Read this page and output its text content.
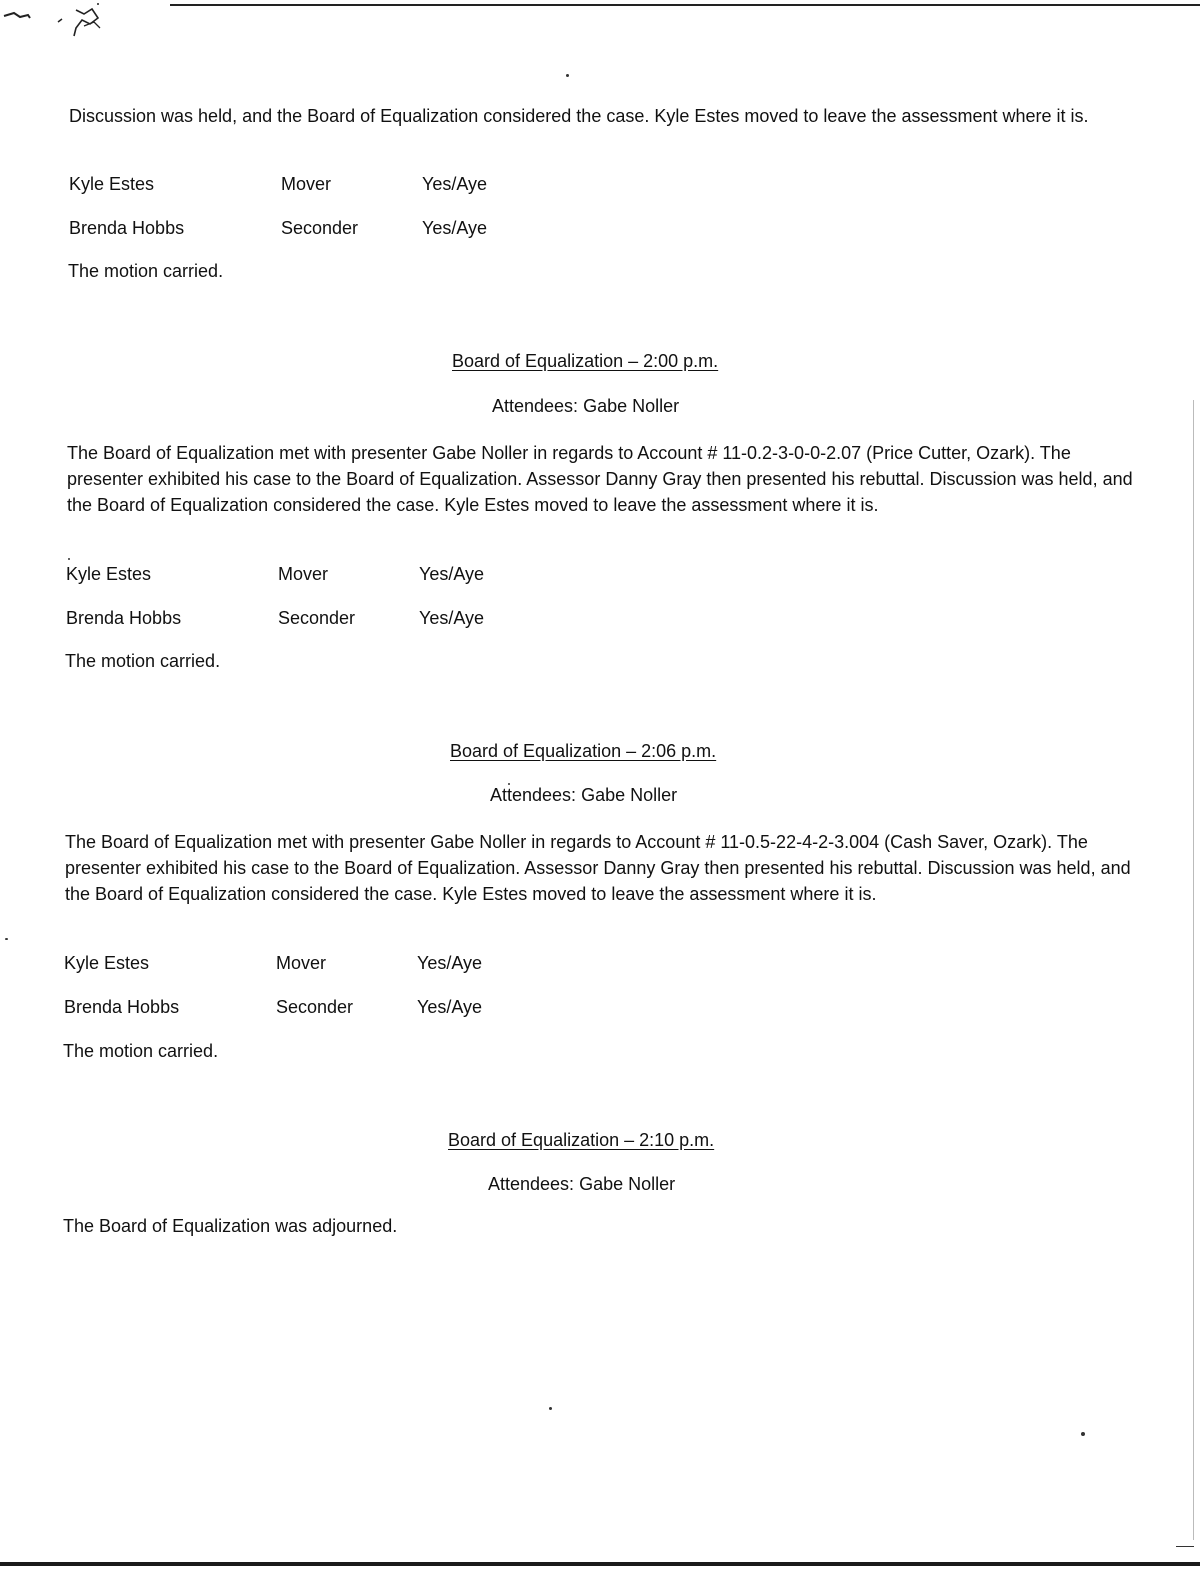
Discussion was held, and the Board of Equalization considered the case. Kyle Estes moved to leave the assessment where it is.

Kyle Estes	Mover	Yes/Aye
Brenda Hobbs	Seconder	Yes/Aye
The motion carried.
Board of Equalization – 2:00 p.m.
Attendees: Gabe Noller

The Board of Equalization met with presenter Gabe Noller in regards to Account # 11-0.2-3-0-0-2.07 (Price Cutter, Ozark). The presenter exhibited his case to the Board of Equalization. Assessor Danny Gray then presented his rebuttal. Discussion was held, and the Board of Equalization considered the case. Kyle Estes moved to leave the assessment where it is.

Kyle Estes	Mover	Yes/Aye
Brenda Hobbs	Seconder	Yes/Aye
The motion carried.
Board of Equalization – 2:06 p.m.
Attendees: Gabe Noller

The Board of Equalization met with presenter Gabe Noller in regards to Account # 11-0.5-22-4-2-3.004 (Cash Saver, Ozark). The presenter exhibited his case to the Board of Equalization. Assessor Danny Gray then presented his rebuttal. Discussion was held, and the Board of Equalization considered the case. Kyle Estes moved to leave the assessment where it is.

Kyle Estes	Mover	Yes/Aye
Brenda Hobbs	Seconder	Yes/Aye
The motion carried.
Board of Equalization – 2:10 p.m.
Attendees: Gabe Noller
The Board of Equalization was adjourned.
